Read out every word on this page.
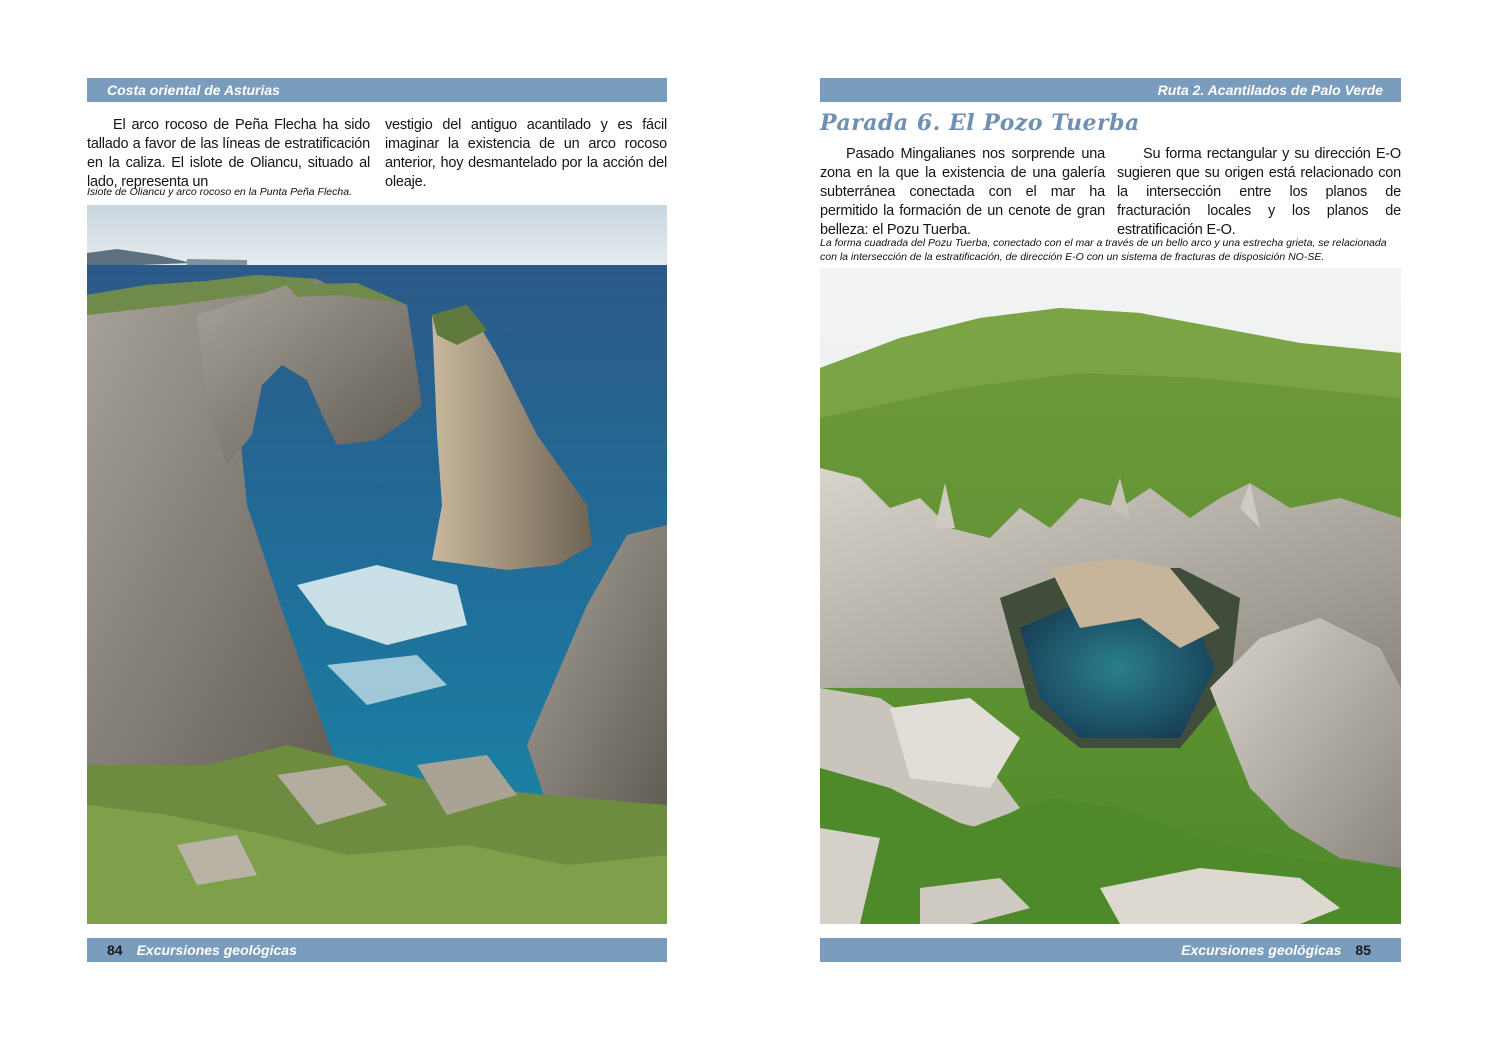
Costa oriental de Asturias
El arco rocoso de Peña Flecha ha sido tallado a favor de las líneas de estratificación en la caliza. El islote de Oliancu, situado al lado, representa un
vestigio del antiguo acantilado y es fácil imaginar la existencia de un arco rocoso anterior, hoy desmantelado por la acción del oleaje.
Isiote de Oliancu y arco rocoso en la Punta Peña Flecha.
84 Excursiones geológicas
Ruta 2. Acantilados de Palo Verde
Parada 6. El Pozo Tuerba
Pasado Mingalianes nos sorprende una zona en la que la existencia de una galería subterránea conectada con el mar ha permitido la formación de un cenote de gran belleza: el Pozu Tuerba.
Su forma rectangular y su dirección E-O sugieren que su origen está relacionado con la intersección entre los planos de fracturación locales y los planos de estratificación E-O.
La forma cuadrada del Pozu Tuerba, conectado con el mar a través de un bello arco y una estrecha grieta, se relacionada con la intersección de la estratificación, de dirección E-O con un sistema de fracturas de disposición NO-SE.
Excursiones geológicas 85
